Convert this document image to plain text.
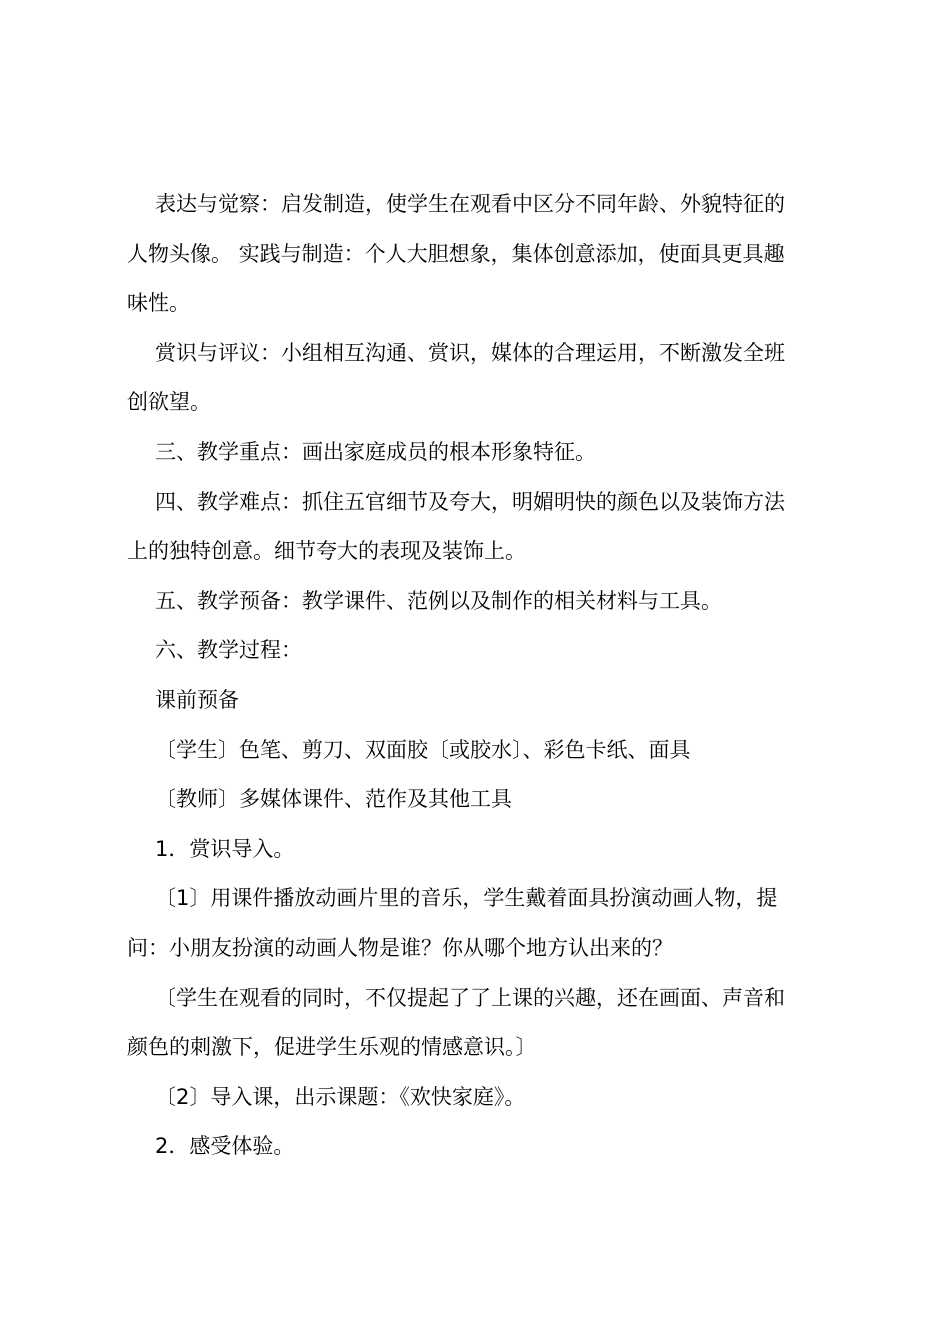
表达与觉察：启发制造，使学生在观看中区分不同年龄、外貌特征的
人物头像。 实践与制造：个人大胆想象，集体创意添加，使面具更具趣
味性。

赏识与评议：小组相互沟通、赏识，媒体的合理运用，不断激发全班
创欲望。

三、教学重点：画出家庭成员的根本形象特征。

四、教学难点：抓住五官细节及夸大，明媚明快的颜色以及装饰方法
上的独特创意。细节夸大的表现及装饰上。

五、教学预备：教学课件、范例以及制作的相关材料与工具。

六、教学过程：

课前预备

〔学生〕色笔、剪刀、双面胶〔或胶水〕、彩色卡纸、面具

〔教师〕多媒体课件、范作及其他工具

1．赏识导入。

〔1〕用课件播放动画片里的音乐，学生戴着面具扮演动画人物，提
问：小朋友扮演的动画人物是谁？你从哪个地方认出来的？

〔学生在观看的同时，不仅提起了了上课的兴趣，还在画面、声音和
颜色的刺激下，促进学生乐观的情感意识。〕

〔2〕导入课，出示课题：《欢快家庭》。

2．感受体验。
